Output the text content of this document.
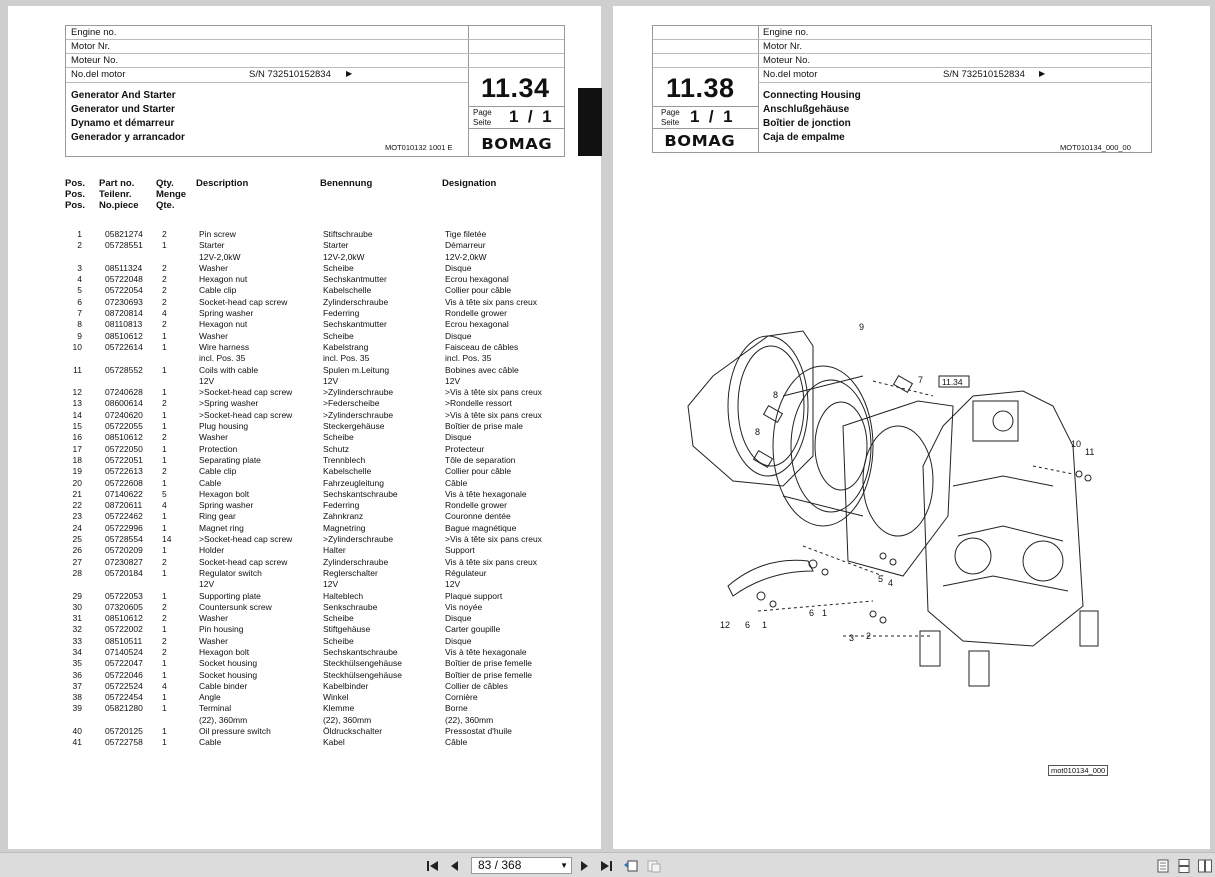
Engine no.
Motor Nr.
Moteur No.
No.del motor	S/N 732510152834 ▶	11.34
Page
Seite 1  /  1
BOMAG
Generator And Starter
Generator und Starter
Dynamo et démarreur
Generador y arrancador
MOT010132 1001 E
Pos.
Pos.
Pos.
Part no.
Teilenr.
No.piece
Qty.
Menge
Qte.
Description	Benennung	Designation
1	05821274 2	Pin screw	Stiftschraube	Tige filetée
2	05728551 1	Starter	Starter	Démarreur
12V-2,0kW	12V-2,0kW	12V-2,0kW
3	08511324 2	Washer	Scheibe	Disque
4	05722048 2	Hexagon nut	Sechskantmutter	Ecrou hexagonal
5	05722054 2	Cable clip	Kabelschelle	Collier pour câble
6	07230693 2	Socket-head cap screw	Zylinderschraube	Vis à tête six pans creux
7	08720814 4	Spring washer	Federring	Rondelle grower
8	08110813 2	Hexagon nut	Sechskantmutter	Ecrou hexagonal
9	08510612 1	Washer	Scheibe	Disque
10	05722614 1	Wire harness	Kabelstrang	Faisceau de câbles
incl. Pos. 35	incl. Pos. 35	incl. Pos. 35
11	05728552 1	Coils with cable	Spulen m.Leitung	Bobines avec câble
12V	12V	12V
12	07240628 1	>Socket-head cap screw	>Zylinderschraube	>Vis à tête six pans creux
13	08600614 2	>Spring washer	>Federscheibe	>Rondelle ressort
14	07240620 1	>Socket-head cap screw	>Zylinderschraube	>Vis à tête six pans creux
15	05722055 1	Plug housing	Steckergehäuse	Boîtier de prise male
16	08510612 2	Washer	Scheibe	Disque
17	05722050 1	Protection	Schutz	Protecteur
18	05722051 1	Separating plate	Trennblech	Tôle de separation
19	05722613 2	Cable clip	Kabelschelle	Collier pour câble
20	05722608 1	Cable	Fahrzeugleitung	Câble
21	07140622 5	Hexagon bolt	Sechskantschraube	Vis à tête hexagonale
22	08720611 4	Spring washer	Federring	Rondelle grower
23	05722462 1	Ring gear	Zahnkranz	Couronne dentée
24	05722996 1	Magnet ring	Magnetring	Bague magnétique
25	05728554 14	>Socket-head cap screw	>Zylinderschraube	>Vis à tête six pans creux
26	05720209 1	Holder	Halter	Support
27	07230827 2	Socket-head cap screw	Zylinderschraube	Vis à tête six pans creux
28	05720184 1	Regulator switch	Reglerschalter	Régulateur
12V	12V	12V
29	05722053 1	Supporting plate	Halteblech	Plaque support
30	07320605 2	Countersunk screw	Senkschraube	Vis noyée
31	08510612 2	Washer	Scheibe	Disque
32	05722002 1	Pin housing	Stiftgehäuse	Carter goupille
33	08510511 2	Washer	Scheibe	Disque
34	07140524 2	Hexagon bolt	Sechskantschraube	Vis à tête hexagonale
35	05722047 1	Socket housing	Steckhülsengehäuse	Boîtier de prise femelle
36	05722046 1	Socket housing	Steckhülsengehäuse	Boîtier de prise femelle
37	05722524 4	Cable binder	Kabelbinder	Collier de câbles
38	05722454 1	Angle	Winkel	Cornière
39	05821280 1	Terminal	Klemme	Borne
(22), 360mm	(22), 360mm	(22), 360mm
40	05720125 1	Oil pressure switch	Öldruckschalter	Pressostat d'huile
41	05722758 1	Cable	Kabel	Câble
Engine no.
Motor Nr.
Moteur No.
No.del motor	S/N 732510152834 ▶
11.38
Page
Seite 1  /  1
BOMAG
Connecting Housing
Anschlußgehäuse
Boîtier de jonction
Caja de empalme
MOT010134_000_00
9
7
8
8
10
11
5 4
6 1
12 6 1
3 2
11.34
mot010134_000
83 / 368	▼
